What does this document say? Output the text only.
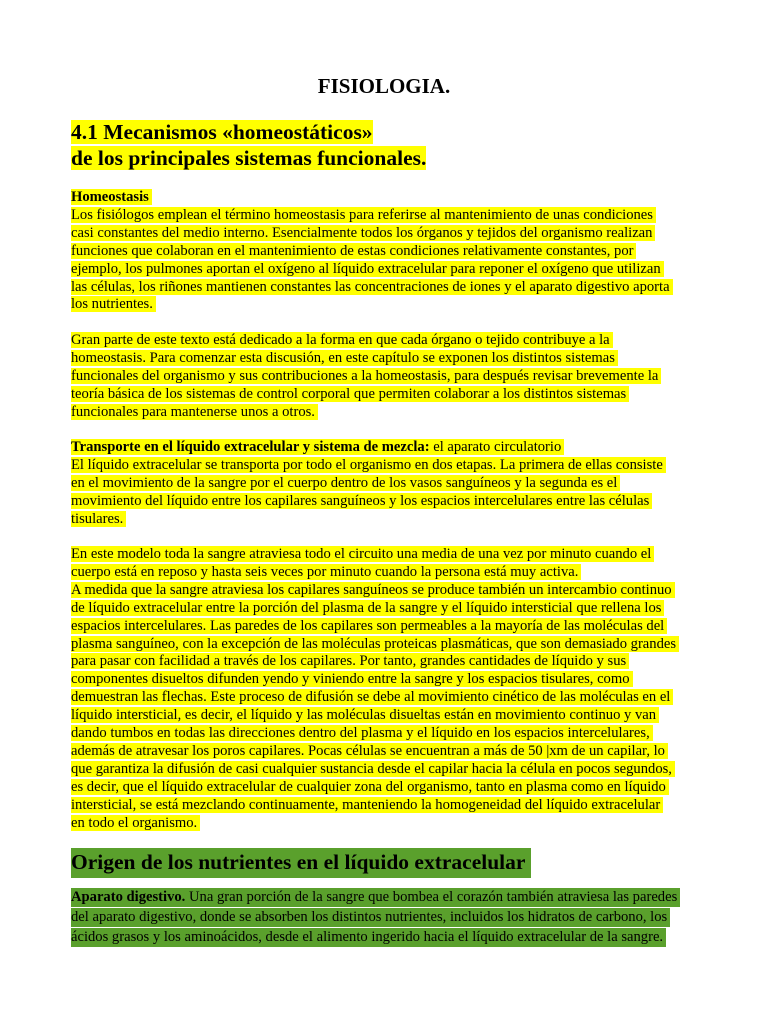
FISIOLOGIA.
4.1 Mecanismos «homeostáticos»
de los principales sistemas funcionales.
Homeostasis
Los fisiólogos emplean el término homeostasis para referirse al mantenimiento de unas condiciones
casi constantes del medio interno. Esencialmente todos los órganos y tejidos del organismo realizan
funciones que colaboran en el mantenimiento de estas condiciones relativamente constantes, por
ejemplo, los pulmones aportan el oxígeno al líquido extracelular para reponer el oxígeno que utilizan
las células, los riñones mantienen constantes las concentraciones de iones y el aparato digestivo aporta
los nutrientes.
Gran parte de este texto está dedicado a la forma en que cada órgano o tejido contribuye a la
homeostasis. Para comenzar esta discusión, en este capítulo se exponen los distintos sistemas
funcionales del organismo y sus contribuciones a la homeostasis, para después revisar brevemente la
teoría básica de los sistemas de control corporal que permiten colaborar a los distintos sistemas
funcionales para mantenerse unos a otros.
Transporte en el líquido extracelular y sistema de mezcla: el aparato circulatorio
El líquido extracelular se transporta por todo el organismo en dos etapas. La primera de ellas consiste
en el movimiento de la sangre por el cuerpo dentro de los vasos sanguíneos y la segunda es el
movimiento del líquido entre los capilares sanguíneos y los espacios intercelulares entre las células
tisulares.
En este modelo toda la sangre atraviesa todo el circuito una media de una vez por minuto cuando el
cuerpo está en reposo y hasta seis veces por minuto cuando la persona está muy activa.
A medida que la sangre atraviesa los capilares sanguíneos se produce también un intercambio continuo
de líquido extracelular entre la porción del plasma de la sangre y el líquido intersticial que rellena los
espacios intercelulares. Las paredes de los capilares son permeables a la mayoría de las moléculas del
plasma sanguíneo, con la excepción de las moléculas proteicas plasmáticas, que son demasiado grandes
para pasar con facilidad a través de los capilares. Por tanto, grandes cantidades de líquido y sus
componentes disueltos difunden yendo y viniendo entre la sangre y los espacios tisulares, como
demuestran las flechas. Este proceso de difusión se debe al movimiento cinético de las moléculas en el
líquido intersticial, es decir, el líquido y las moléculas disueltas están en movimiento continuo y van
dando tumbos en todas las direcciones dentro del plasma y el líquido en los espacios intercelulares,
además de atravesar los poros capilares. Pocas células se encuentran a más de 50 |xm de un capilar, lo
que garantiza la difusión de casi cualquier sustancia desde el capilar hacia la célula en pocos segundos,
es decir, que el líquido extracelular de cualquier zona del organismo, tanto en plasma como en líquido
intersticial, se está mezclando continuamente, manteniendo la homogeneidad del líquido extracelular
en todo el organismo.
Origen de los nutrientes en el líquido extracelular
Aparato digestivo. Una gran porción de la sangre que bombea el corazón también atraviesa las paredes
del aparato digestivo, donde se absorben los distintos nutrientes, incluidos los hidratos de carbono, los
ácidos grasos y los aminoácidos, desde el alimento ingerido hacia el líquido extracelular de la sangre.
